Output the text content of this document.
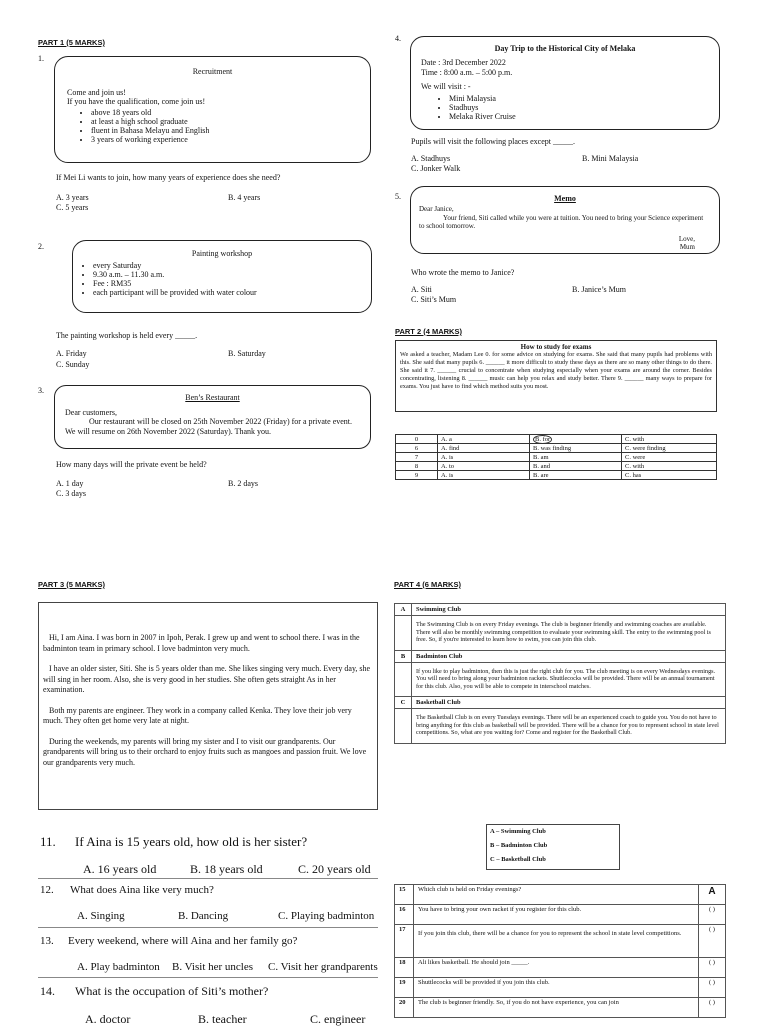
PART 1 (5 MARKS)
1.
Recruitment

Come and join us!

If you have the qualification, come join us!

• above 18 years old
• at least a high school graduate
• fluent in Bahasa Melayu and English
• 3 years of working experience
If Mei Li wants to join, how many years of experience does she need?
A. 3 years	B. 4 years
C. 5 years
2.
Painting workshop
• every Saturday
• 9.30 a.m. – 11.30 a.m.
• Fee : RM35
• each participant will be provided with water colour
The painting workshop is held every _____.
A. Friday	B. Saturday
C. Sunday
3.
Ben’s Restaurant

Dear customers,

Our restaurant will be closed on 25th November 2022 (Friday) for a private event. We will resume on 26th November 2022 (Saturday). Thank you.

How many days will the private event be held?
A. 1 day	B. 2 days
C. 3 days
4.
Day Trip to the Historical City of Melaka

Date : 3rd December 2022

Time : 8:00 a.m. – 5:00 p.m.

We will visit : -

• Mini Malaysia
• Stadhuys
• Melaka River Cruise
Pupils will visit the following places except _____.
A. Stadhuys	B. Mini Malaysia
C. Jonker Walk
5.	Memo

Dear Janice,

Your friend, Siti called while you were at tuition. You need to bring your Science experiment to school tomorrow.

Love,

Mum

Who wrote the memo to Janice?
A. Siti	B. Janice’s Mum
C. Siti’s Mum
PART 2 (4 MARKS)
How to study for exams

We asked a teacher, Madam Lee 0. for some advice on studying for exams. She said that many pupils had problems with this. She said that many pupils 6. ______ it more difficult to study these days as there are so many other things to do there. She said it 7. ______ crucial to concentrate when studying especially when your exams are around the corner. Besides concentrating, listening 8. ______ music can help you relax and study better. There 9. ______ many ways to prepare for exams. You just have to find which method suits you most.

0	A. a	B. for	C. with
6	A. find	B. was finding	C. were finding
7	A. is	B. am	C. were
8	A. to	B. and	C. with
9	A. is	B. are	C. has
PART 3 (5 MARKS)

Hi, I am Aina. I was born in 2007 in Ipoh, Perak. I grew up and went to school there. I was in the badminton team in primary school. I love badminton very much.

I have an older sister, Siti. She is 5 years older than me. She likes singing very much. Every day, she will sing in her room. Also, she is very good in her studies. She often gets straight As in her examination.

Both my parents are engineer. They work in a company called Kenka. They love their job very much. They often get home very late at night.

During the weekends, my parents will bring my sister and I to visit our grandparents. Our grandparents will bring us to their orchard to enjoy fruits such as mangoes and passion fruit. We love our grandparents very much.

11. If Aina is 15 years old, how old is her sister?
A. 16 years old	B. 18 years old	C. 20 years old
12. What does Aina like very much?
A. Singing	B. Dancing	C. Playing badminton
13. Every weekend, where will Aina and her family go?
A. Play badminton B. Visit her uncles C. Visit her grandparents
14. What is the occupation of Siti’s mother?
A. doctor	B. teacher	C. engineer
PART 4 (6 MARKS)
A	Swimming Club
	The Swimming Club is on every Friday evenings. The club is beginner friendly and swimming coaches are available. There will also be monthly swimming competition to evaluate your swimming skill. The entry to the swimming pool is free. So, if you're interested to learn how to swim, you can join this club.
B	Badminton Club
	If you like to play badminton, then this is just the right club for you. The club meeting is on every Wednesdays evenings. You will need to bring along your badminton rackets. Shuttlecocks will be provided. There will be an annual tournament for this club. Also, you will be able to compete in interschool matches.
C	Basketball Club
	The Basketball Club is on every Tuesdays evenings. There will be an experienced coach to guide you. You do not have to bring anything for this club as basketball will be provided. There will be a chance for you to represent school in state level competitions. So, what are you waiting for? Come and register for the Basketball Club.
A – Swimming Club
B – Badminton Club
C – Basketball Club
15	Which club is held on Friday evenings?	A
16	You have to bring your own racket if you register for this club.	( )
17	If you join this club, there will be a chance for you to represent the school in state level competitions.	( )
18	Ali likes basketball. He should join _____.	( )
19	Shuttlecocks will be provided if you join this club.	( )
20	The club is beginner friendly. So, if you do not have experience, you can join	( )
